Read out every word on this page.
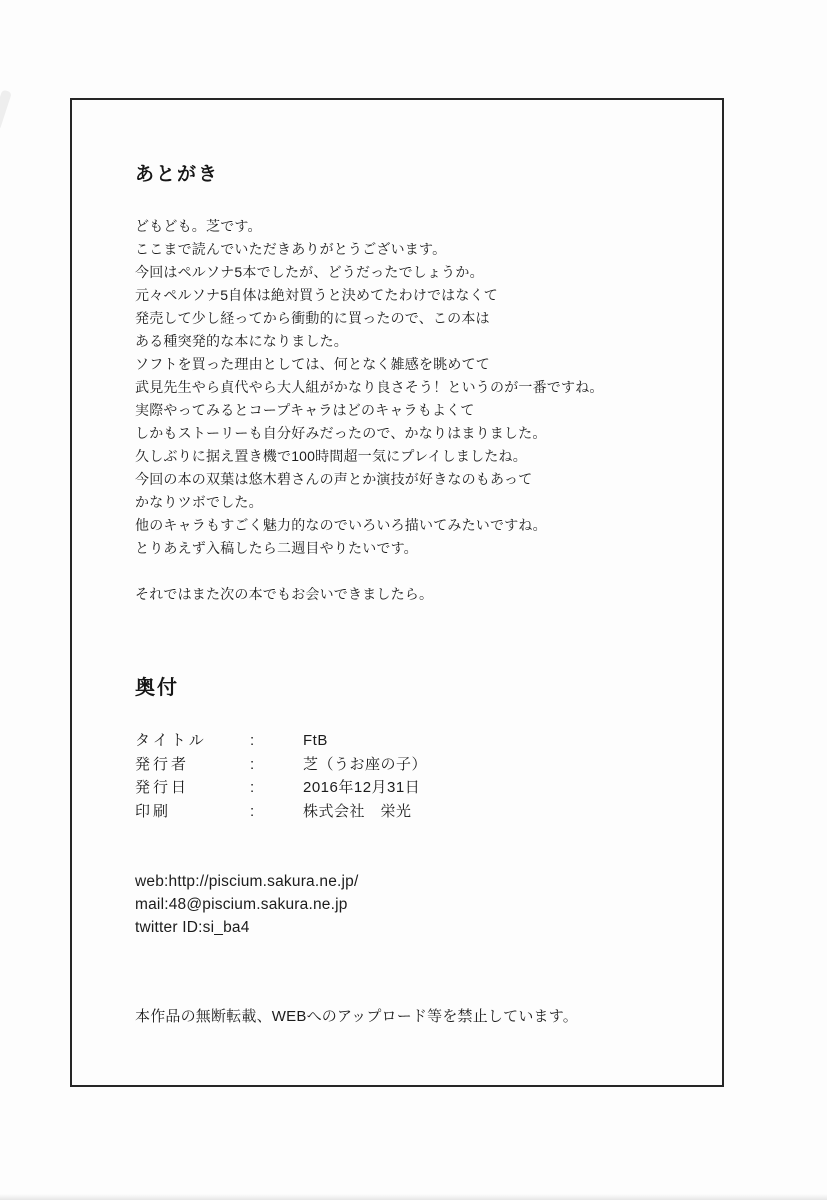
あとがき

どもども。芝です。

ここまで読んでいただきありがとうございます。

今回はペルソナ5本でしたが、どうだったでしょうか。

元々ペルソナ5自体は絶対買うと決めてたわけではなくて

発売して少し経ってから衝動的に買ったので、この本は

ある種突発的な本になりました。

ソフトを買った理由としては、何となく雑感を眺めてて

武見先生やら貞代やら大人組がかなり良さそう！というのが一番ですね。

実際やってみるとコープキャラはどのキャラもよくて

しかもストーリーも自分好みだったので、かなりはまりました。

久しぶりに据え置き機で100時間超一気にプレイしましたね。

今回の本の双葉は悠木碧さんの声とか演技が好きなのもあって

かなりツボでした。

他のキャラもすごく魅力的なのでいろいろ描いてみたいですね。

とりあえず入稿したら二週目やりたいです。

それではまた次の本でもお会いできましたら。

奥付
タイトル	:	FtB
発行者	:	芝（うお座の子）
発行日	:	2016年12月31日
印刷	:	株式会社　栄光

web:http://piscium.sakura.ne.jp/

mail:48@piscium.sakura.ne.jp

twitter ID:si_ba4

本作品の無断転載、WEBへのアップロード等を禁止しています。
